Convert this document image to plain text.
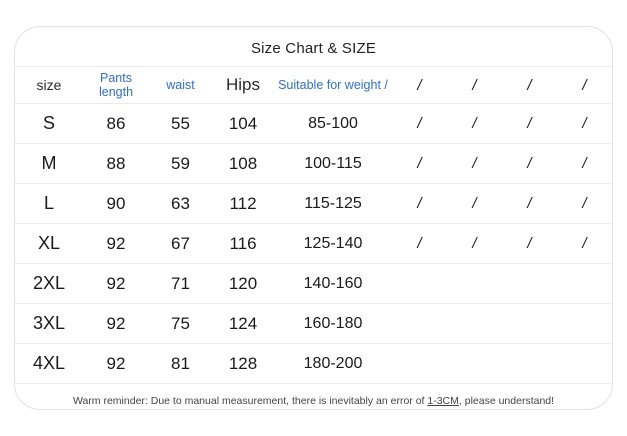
Size Chart & SIZE
size	Pants length	waist	Hips	Suitable for weight /	/	/	/	/
S	86	55	104	85-100	/	/	/	/
M	88	59	108	100-115	/	/	/	/
L	90	63	112	115-125	/	/	/	/
XL	92	67	116	125-140	/	/	/	/
2XL	92	71	120	140-160				
3XL	92	75	124	160-180				
4XL	92	81	128	180-200				
Warm reminder: Due to manual measurement, there is inevitably an error of 1-3CM, please understand!
